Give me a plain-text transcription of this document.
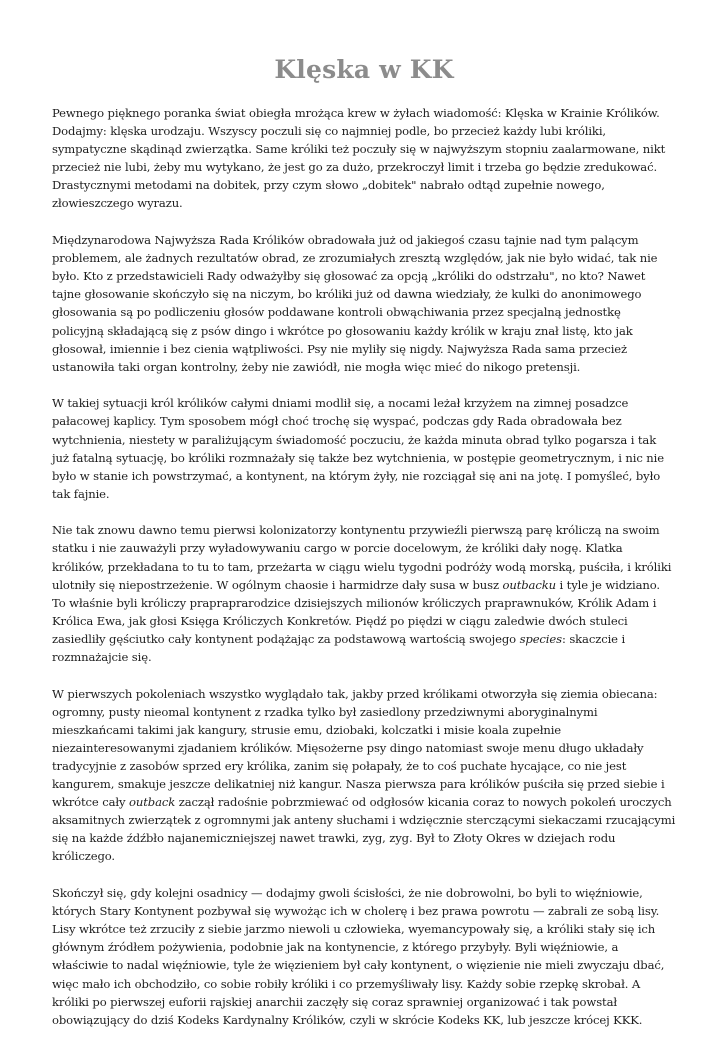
Klęska w KK

Pewnego pięknego poranka świat obiegła mrożąca krew w żyłach wiadomość: Klęska w Krainie Królików. Dodajmy: klęska urodzaju. Wszyscy poczuli się co najmniej podle, bo przecież każdy lubi króliki, sympatyczne skądinąd zwierzątka. Same króliki też poczuły się w najwyższym stopniu zaalarmowane, nikt przecież nie lubi, żeby mu wytykano, że jest go za dużo, przekroczył limit i trzeba go będzie zredukować. Drastycznymi metodami na dobitek, przy czym słowo „dobitek" nabrało odtąd zupełnie nowego, złowieszczego wyrazu.

Międzynarodowa Najwyższa Rada Królików obradowała już od jakiegoś czasu tajnie nad tym palącym problemem, ale żadnych rezultatów obrad, ze zrozumiałych zresztą względów, jak nie było widać, tak nie było. Kto z przedstawicieli Rady odważyłby się głosować za opcją „króliki do odstrzału", no kto? Nawet tajne głosowanie skończyło się na niczym, bo króliki już od dawna wiedziały, że kulki do anonimowego głosowania są po podliczeniu głosów poddawane kontroli obwąchiwania przez specjalną jednostkę policyjną składającą się z psów dingo i wkrótce po głosowaniu każdy królik w kraju znał listę, kto jak głosował, imiennie i bez cienia wątpliwości. Psy nie myliły się nigdy. Najwyższa Rada sama przecież ustanowiła taki organ kontrolny, żeby nie zawiódł, nie mogła więc mieć do nikogo pretensji.

W takiej sytuacji król królików całymi dniami modlił się, a nocami leżał krzyżem na zimnej posadzce pałacowej kaplicy. Tym sposobem mógł choć trochę się wyspać, podczas gdy Rada obradowała bez wytchnienia, niestety w paraliżującym świadomość poczuciu, że każda minuta obrad tylko pogarsza i tak już fatalną sytuację, bo króliki rozmnażały się także bez wytchnienia, w postępie geometrycznym, i nic nie było w stanie ich powstrzymać, a kontynent, na którym żyły, nie rozciągał się ani na jotę. I pomyśleć, było tak fajnie.

Nie tak znowu dawno temu pierwsi kolonizatorzy kontynentu przywieźli pierwszą parę króliczą na swoim statku i nie zauważyli przy wyładowywaniu cargo w porcie docelowym, że króliki dały nogę. Klatka królików, przekładana to tu to tam, przeżarta w ciągu wielu tygodni podróży wodą morską, puściła, i króliki ulotniły się niepostrzeżenie. W ogólnym chaosie i harmidrze dały susa w busz outbacku i tyle je widziano. To właśnie byli króliczy prapraprarodzice dzisiejszych milionów króliczych praprawnuków, Królik Adam i Królica Ewa, jak głosi Księga Króliczych Konkretów. Piędź po piędzi w ciągu zaledwie dwóch stuleci zasiedliły gęściutko cały kontynent podążając za podstawową wartością swojego species: skaczcie i rozmnażajcie się.

W pierwszych pokoleniach wszystko wyglądało tak, jakby przed królikami otworzyła się ziemia obiecana: ogromny, pusty nieomal kontynent z rzadka tylko był zasiedlony przedziwnymi aboryginalnymi mieszkańcami takimi jak kangury, strusie emu, dziobaki, kolczatki i misie koala zupełnie niezainteresowanymi zjadaniem królików. Mięsożerne psy dingo natomiast swoje menu długo układały tradycyjnie z zasobów sprzed ery królika, zanim się połapały, że to coś puchate hycające, co nie jest kangurem, smakuje jeszcze delikatniej niż kangur. Nasza pierwsza para królików puściła się przed siebie i wkrótce cały outback zaczął radośnie pobrzmiewać od odgłosów kicania coraz to nowych pokoleń uroczych aksamitnych zwierzątek z ogromnymi jak anteny słuchami i wdzięcznie sterczącymi siekaczami rzucającymi się na każde źdźbło najanemiczniejszej nawet trawki, zyg, zyg. Był to Złoty Okres w dziejach rodu króliczego.

Skończył się, gdy kolejni osadnicy — dodajmy gwoli ścisłości, że nie dobrowolni, bo byli to więźniowie, których Stary Kontynent pozbywał się wywożąc ich w cholerę i bez prawa powrotu — zabrali ze sobą lisy. Lisy wkrótce też zrzuciły z siebie jarzmo niewoli u człowieka, wyemancypowały się, a króliki stały się ich głównym źródłem pożywienia, podobnie jak na kontynencie, z którego przybyły. Byli więźniowie, a właściwie to nadal więźniowie, tyle że więzieniem był cały kontynent, o więzienie nie mieli zwyczaju dbać, więc mało ich obchodziło, co sobie robiły króliki i co przemyśliwały lisy. Każdy sobie rzepkę skrobał. A króliki po pierwszej euforii rajskiej anarchii zaczęły się coraz sprawniej organizować i tak powstał obowiązujący do dziś Kodeks Kardynalny Królików, czyli w skrócie Kodeks KK, lub jeszcze krócej KKK.
